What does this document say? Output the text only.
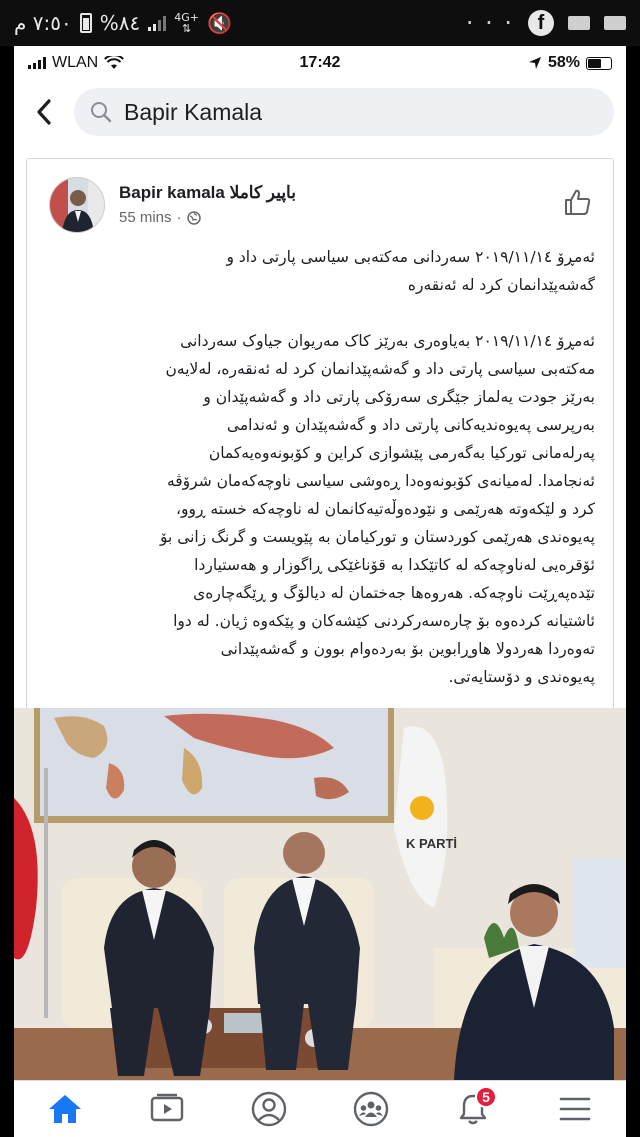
٧:٥٠ م %٨٤	4G+
⇅ 🔇	· · ·	f
WLAN	17:42	58%
Bapir Kamala
Bapir kamala باپیر کاملا
55 mins ·
ئەمڕۆ ٢٠١٩/١١/١٤ سەردانی مەکتەبی سیاسی پارتی داد و
گەشەپێدانمان کرد لە ئەنقەرە
ئەمڕۆ ٢٠١٩/١١/١٤ بەیاوەری بەرێز کاک مەریوان جیاوک سەردانی
مەکتەبی سیاسی پارتی داد و گەشەپێدانمان کرد لە ئەنقەرە، لەلایەن
بەرێز جودت یەلماز جێگری سەرۆکی پارتی داد و گەشەپێدان و
بەرپرسی پەیوەندیەکانی پارتی داد و گەشەپێدان و ئەندامی
پەرلەمانی تورکیا بەگەرمی پێشوازی کراین و کۆبونەوەیەکمان
ئەنجامدا. لەمیانەی کۆبونەوەدا ڕەوشی سیاسی ناوچەکەمان شرۆڤە
کرد و لێکەوتە هەرێمی و نێودەوڵەتیەکانمان لە ناوچەکە خستە ڕوو،
پەیوەندی هەرێمی کوردستان و تورکیامان بە پێویست و گرنگ زانی بۆ
ئۆقرەیی لەناوچەکە لە کاتێکدا بە قۆناغێکی ڕاگوزار و هەستیاردا
تێدەپەڕێت ناوچەکە. هەروەها جەختمان لە دیالۆگ و ڕێگەچارەی
ئاشتیانە کردەوە بۆ چارەسەرکردنی کێشەکان و پێکەوە ژیان. لە دوا
تەوەردا هەردولا هاوڕابوین بۆ بەردەوام بوون و گەشەپێدانی
پەیوەندی و دۆستایەتی.
K PARTİ
5
